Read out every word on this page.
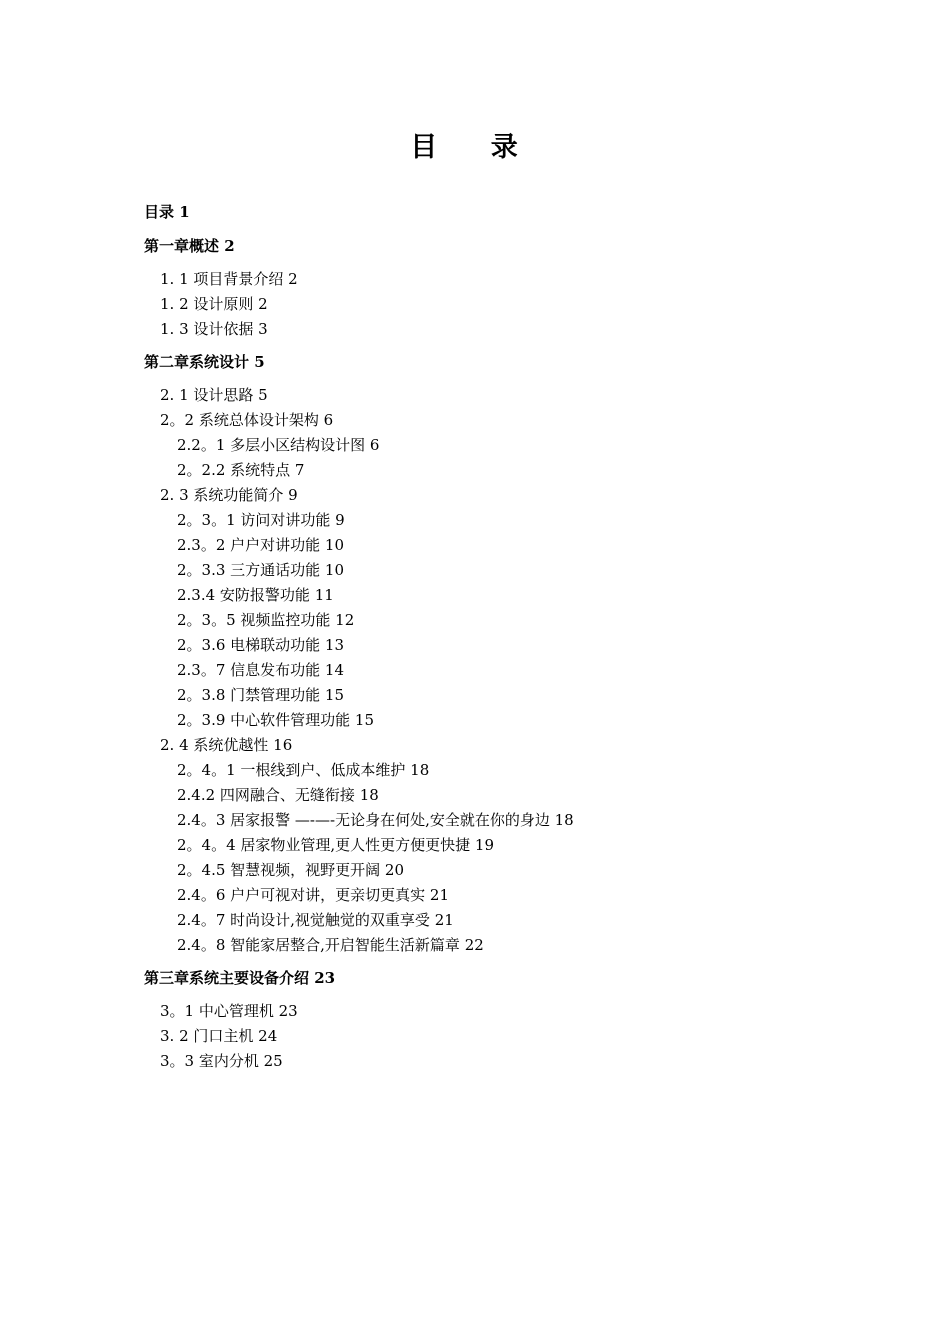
目 录
目录 1
第一章概述 2
1. 1 项目背景介绍 2
1. 2 设计原则 2
1. 3 设计依据 3
第二章系统设计 5
2. 1 设计思路 5
2。2 系统总体设计架构 6
2.2。1 多层小区结构设计图 6
2。2.2 系统特点 7
2. 3 系统功能简介 9
2。3。1 访问对讲功能 9
2.3。2 户户对讲功能 10
2。3.3 三方通话功能 10
2.3.4 安防报警功能 11
2。3。5 视频监控功能 12
2。3.6 电梯联动功能 13
2.3。7 信息发布功能 14
2。3.8 门禁管理功能 15
2。3.9 中心软件管理功能 15
2. 4 系统优越性 16
2。4。1 一根线到户、低成本维护 18
2.4.2 四网融合、无缝衔接 18
2.4。3 居家报警 —-—-无论身在何处,安全就在你的身边 18
2。4。4 居家物业管理,更人性更方便更快捷 19
2。4.5 智慧视频，视野更开阔 20
2.4。6 户户可视对讲，更亲切更真实 21
2.4。7 时尚设计,视觉触觉的双重享受 21
2.4。8 智能家居整合,开启智能生活新篇章 22
第三章系统主要设备介绍 23
3。1 中心管理机 23
3. 2 门口主机 24
3。3 室内分机 25
